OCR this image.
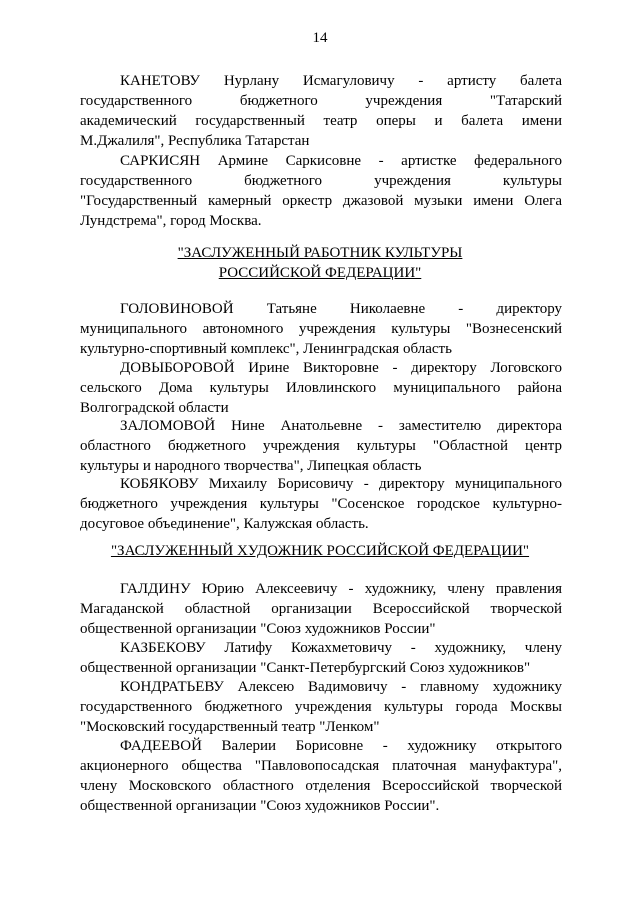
14
КАНЕТОВУ Нурлану Исмагуловичу - артисту балета
государственного бюджетного учреждения "Татарский
академический государственный театр оперы и балета имени
М.Джалиля", Республика Татарстан
САРКИСЯН Армине Саркисовне - артистке федерального
государственного бюджетного учреждения культуры
"Государственный камерный оркестр джазовой музыки имени Олега
Лундстрема", город Москва.
"ЗАСЛУЖЕННЫЙ РАБОТНИК КУЛЬТУРЫ
РОССИЙСКОЙ ФЕДЕРАЦИИ"
ГОЛОВИНОВОЙ Татьяне Николаевне - директору
муниципального автономного учреждения культуры "Вознесенский
культурно-спортивный комплекс", Ленинградская область
ДОВЫБОРОВОЙ Ирине Викторовне - директору Логовского
сельского Дома культуры Иловлинского муниципального района
Волгоградской области
ЗАЛОМОВОЙ Нине Анатольевне - заместителю директора
областного бюджетного учреждения культуры "Областной центр
культуры и народного творчества", Липецкая область
КОБЯКОВУ Михаилу Борисовичу - директору муниципального
бюджетного учреждения культуры "Сосенское городское культурно-
досуговое объединение", Калужская область.
"ЗАСЛУЖЕННЫЙ ХУДОЖНИК РОССИЙСКОЙ ФЕДЕРАЦИИ"
ГАЛДИНУ Юрию Алексеевичу - художнику, члену правления
Магаданской областной организации Всероссийской творческой
общественной организации "Союз художников России"
КАЗБЕКОВУ Латифу Кожахметовичу - художнику, члену
общественной организации "Санкт-Петербургский Союз художников"
КОНДРАТЬЕВУ Алексею Вадимовичу - главному художнику
государственного бюджетного учреждения культуры города Москвы
"Московский государственный театр "Ленком"
ФАДЕЕВОЙ Валерии Борисовне - художнику открытого
акционерного общества "Павловопосадская платочная мануфактура",
члену Московского областного отделения Всероссийской творческой
общественной организации "Союз художников России".
